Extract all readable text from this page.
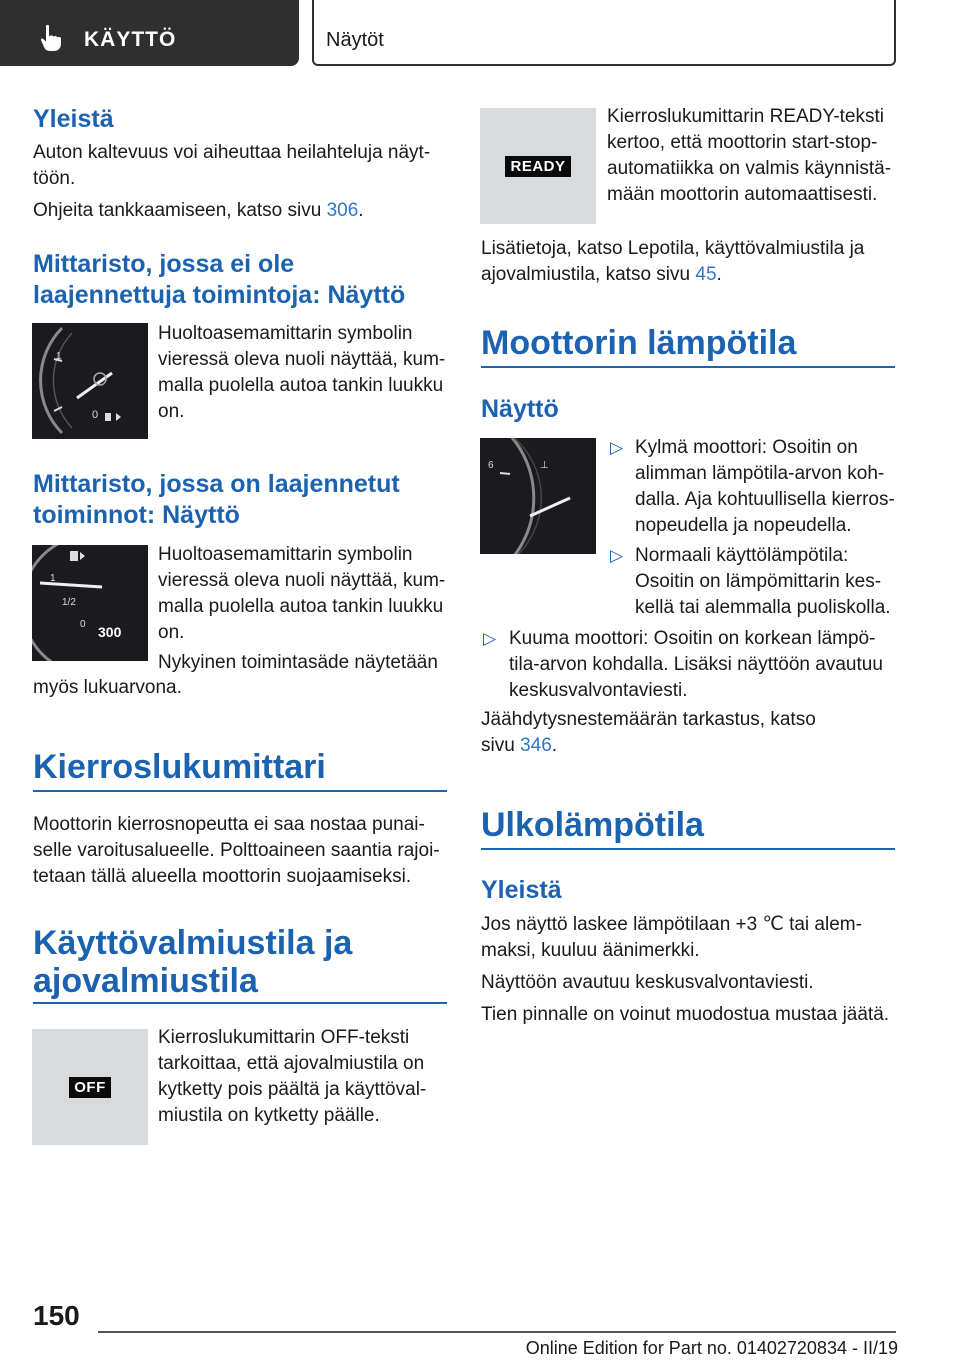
KÄYTTÖ	Näytöt
Yleistä
Auton kaltevuus voi aiheuttaa heilahteluja näyt‐
töön.
Ohjeita tankkaamiseen, katso sivu 306.
Mittaristo, jossa ei ole
laajennettuja toimintoja: Näyttö
0
1
Huoltoasemamittarin symbolin
vieressä oleva nuoli näyttää, kum‐
malla puolella autoa tankin luukku
on.
Mittaristo, jossa on laajennetut
toiminnot: Näyttö
1
1/2
0 300
Huoltoasemamittarin symbolin
vieressä oleva nuoli näyttää, kum‐
malla puolella autoa tankin luukku
on.
Nykyinen toimintasäde näytetään
myös lukuarvona.
Kierroslukumittari
Moottorin kierrosnopeutta ei saa nostaa punai‐
selle varoitusalueelle. Polttoaineen saantia rajoi‐
tetaan tällä alueella moottorin suojaamiseksi.
Käyttövalmiustila ja
ajovalmiustila
OFF
Kierroslukumittarin OFF-teksti
tarkoittaa, että ajovalmiustila on
kytketty pois päältä ja käyttöval‐
miustila on kytketty päälle.
READY
Kierroslukumittarin READY-teksti
kertoo, että moottorin start-stop-
automatiikka on valmis käynnistä‐
mään moottorin automaattisesti.
Lisätietoja, katso Lepotila, käyttövalmiustila ja
ajovalmiustila, katso sivu 45.
Moottorin lämpötila
Näyttö
⊥
6
▷ Kylmä moottori: Osoitin on
alimman lämpötila-arvon koh‐
dalla. Aja kohtuullisella kierros‐
nopeudella ja nopeudella.
▷ Normaali käyttölämpötila:
Osoitin on lämpömittarin kes‐
kellä tai alemmalla puoliskolla.
▷ Kuuma moottori: Osoitin on korkean lämpö‐
tila-arvon kohdalla. Lisäksi näyttöön avautuu
keskusvalvontaviesti.
Jäähdytysnestemäärän tarkastus, katso
sivu 346.
Ulkolämpötila
Yleistä
Jos näyttö laskee lämpötilaan +3 ℃ tai alem‐
maksi, kuuluu äänimerkki.
Näyttöön avautuu keskusvalvontaviesti.
Tien pinnalle on voinut muodostua mustaa jäätä.
150
Online Edition for Part no. 01402720834 - II/19
